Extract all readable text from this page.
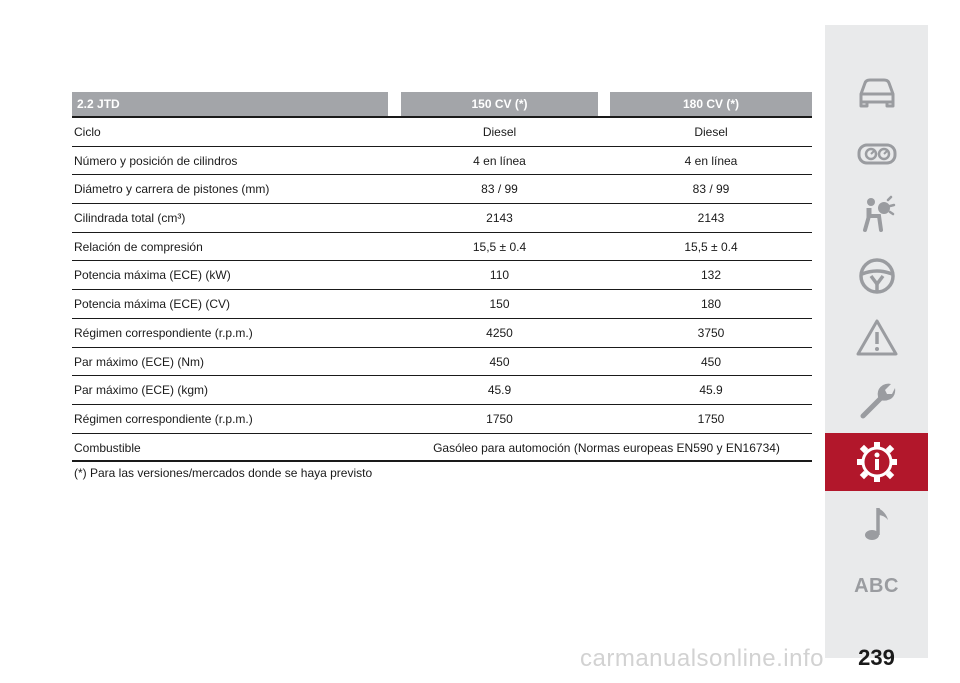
2.2 JTD	150 CV (*)	180 CV (*)
Ciclo	Diesel	Diesel
Número y posición de cilindros	4 en línea	4 en línea
Diámetro y carrera de pistones (mm)	83 / 99	83 / 99
Cilindrada total (cm³)	2143	2143
Relación de compresión	15,5 ± 0.4	15,5 ± 0.4
Potencia máxima (ECE) (kW)	110	132
Potencia máxima (ECE) (CV)	150	180
Régimen correspondiente (r.p.m.)	4250	3750
Par máximo (ECE) (Nm)	450	450
Par máximo (ECE) (kgm)	45.9	45.9
Régimen correspondiente (r.p.m.)	1750	1750
Combustible	Gasóleo para automoción (Normas europeas EN590 y EN16734)
(*) Para las versiones/mercados donde se haya previsto
ABC
239
carmanualsonline.info
